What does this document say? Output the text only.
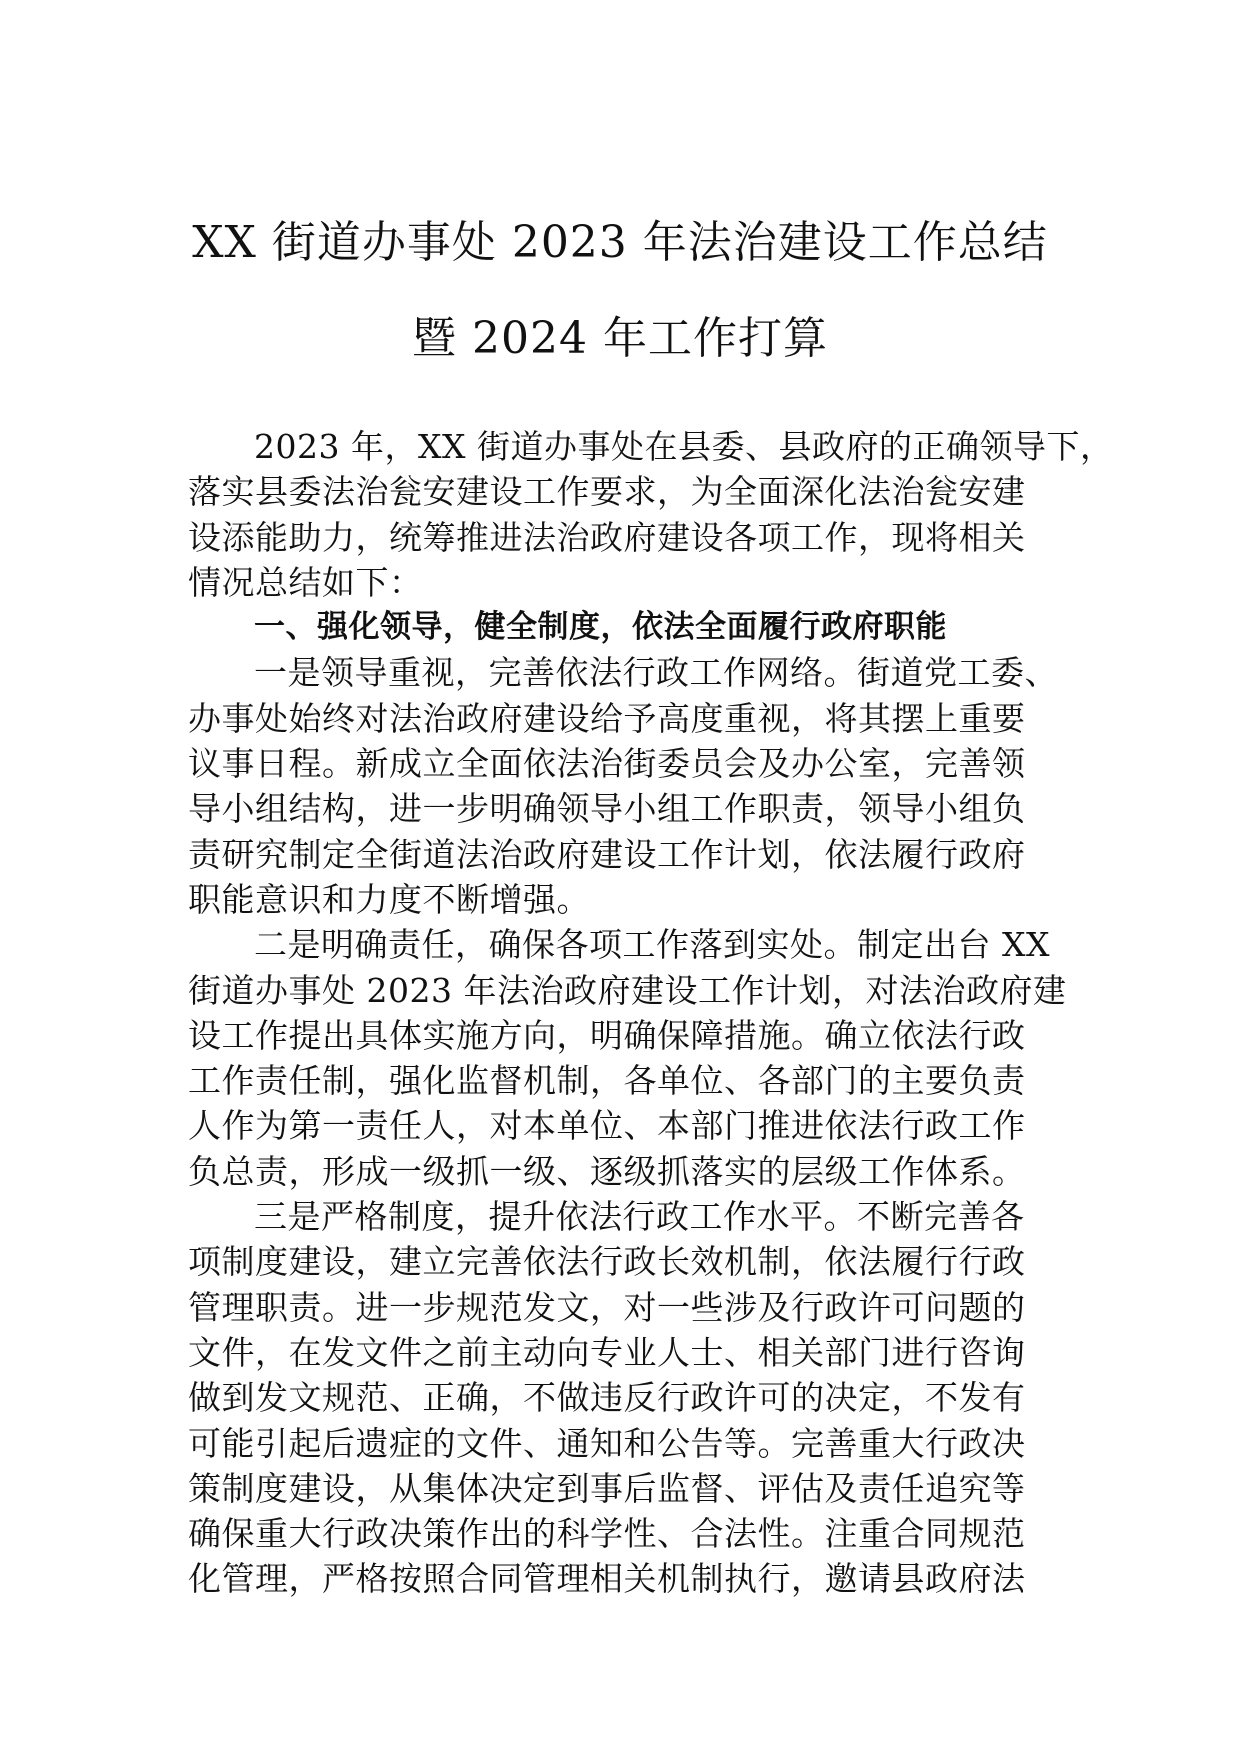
XX 街道办事处 2023 年法治建设工作总结
暨 2024 年工作打算
2023 年，XX 街道办事处在县委、县政府的正确领导下，
落实县委法治瓮安建设工作要求，为全面深化法治瓮安建
设添能助力，统筹推进法治政府建设各项工作，现将相关
情况总结如下：
一、强化领导，健全制度，依法全面履行政府职能
一是领导重视，完善依法行政工作网络。街道党工委、
办事处始终对法治政府建设给予高度重视，将其摆上重要
议事日程。新成立全面依法治街委员会及办公室，完善领
导小组结构，进一步明确领导小组工作职责，领导小组负
责研究制定全街道法治政府建设工作计划，依法履行政府
职能意识和力度不断增强。
二是明确责任，确保各项工作落到实处。制定出台 XX
街道办事处 2023 年法治政府建设工作计划，对法治政府建
设工作提出具体实施方向，明确保障措施。确立依法行政
工作责任制，强化监督机制，各单位、各部门的主要负责
人作为第一责任人，对本单位、本部门推进依法行政工作
负总责，形成一级抓一级、逐级抓落实的层级工作体系。
三是严格制度，提升依法行政工作水平。不断完善各
项制度建设，建立完善依法行政长效机制，依法履行行政
管理职责。进一步规范发文，对一些涉及行政许可问题的
文件，在发文件之前主动向专业人士、相关部门进行咨询
做到发文规范、正确，不做违反行政许可的决定，不发有
可能引起后遗症的文件、通知和公告等。完善重大行政决
策制度建设，从集体决定到事后监督、评估及责任追究等
确保重大行政决策作出的科学性、合法性。注重合同规范
化管理，严格按照合同管理相关机制执行，邀请县政府法
